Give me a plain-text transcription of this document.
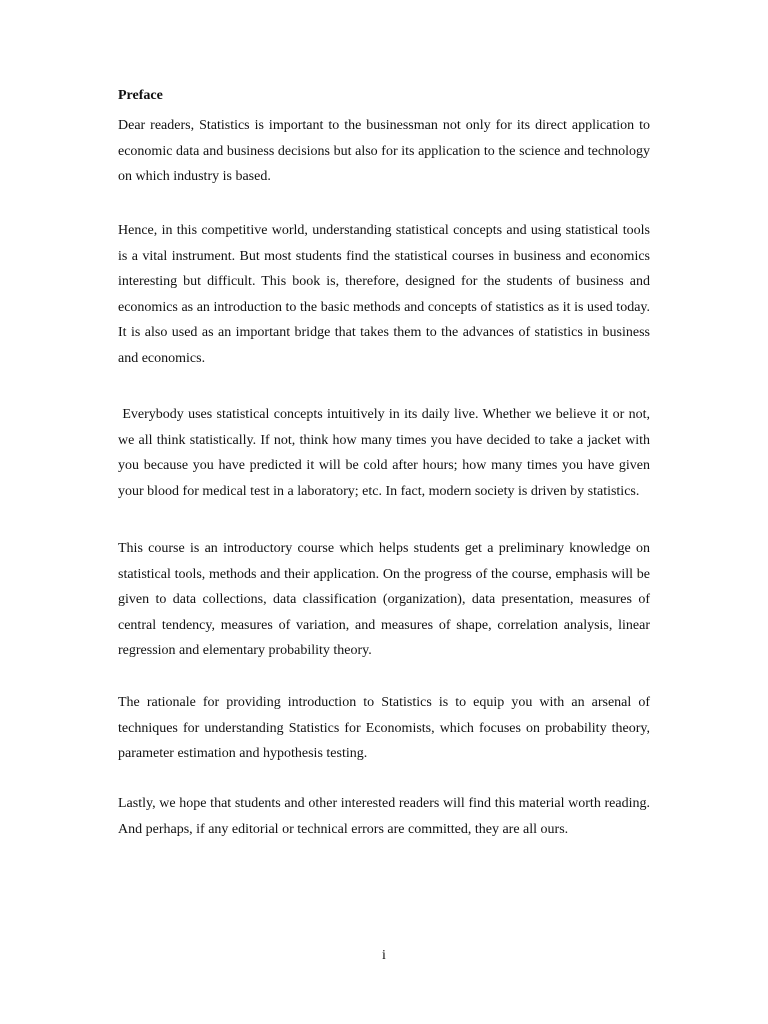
Preface

Dear readers, Statistics is important to the businessman not only for its direct application to economic data and business decisions but also for its application to the science and technology on which industry is based.

Hence, in this competitive world, understanding statistical concepts and using statistical tools is a vital instrument. But most students find the statistical courses in business and economics interesting but difficult. This book is, therefore, designed for the students of business and economics as an introduction to the basic methods and concepts of statistics as it is used today. It is also used as an important bridge that takes them to the advances of statistics in business and economics.

Everybody uses statistical concepts intuitively in its daily live. Whether we believe it or not, we all think statistically. If not, think how many times you have decided to take a jacket with you because you have predicted it will be cold after hours; how many times you have given your blood for medical test in a laboratory; etc. In fact, modern society is driven by statistics.

This course is an introductory course which helps students get a preliminary knowledge on statistical tools, methods and their application. On the progress of the course, emphasis will be given to data collections, data classification (organization), data presentation, measures of central tendency, measures of variation, and measures of shape, correlation analysis, linear regression and elementary probability theory.

The rationale for providing introduction to Statistics is to equip you with an arsenal of techniques for understanding Statistics for Economists, which focuses on probability theory, parameter estimation and hypothesis testing.

Lastly, we hope that students and other interested readers will find this material worth reading. And perhaps, if any editorial or technical errors are committed, they are all ours.

i
